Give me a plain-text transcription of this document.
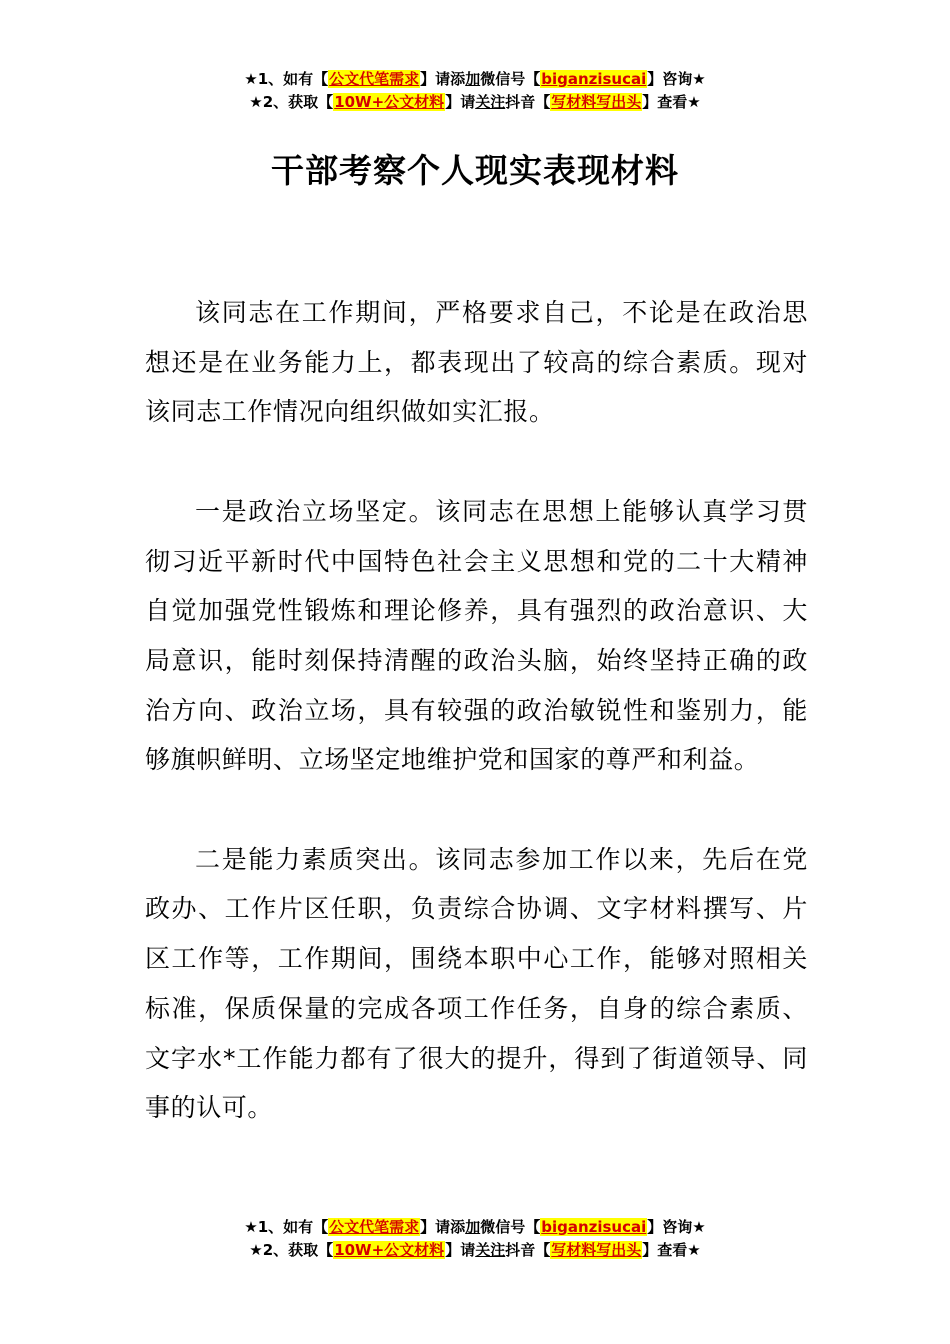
★1、如有【公文代笔需求】请添加微信号【biganzisucai】咨询★
★2、获取【10W+公文材料】请关注抖音【写材料写出头】查看★
干部考察个人现实表现材料

该同志在工作期间，严格要求自己，不论是在政治思想还是在业务能力上，都表现出了较高的综合素质。现对该同志工作情况向组织做如实汇报。

一是政治立场坚定。该同志在思想上能够认真学习贯彻习近平新时代中国特色社会主义思想和党的二十大精神自觉加强党性锻炼和理论修养，具有强烈的政治意识、大局意识，能时刻保持清醒的政治头脑，始终坚持正确的政治方向、政治立场，具有较强的政治敏锐性和鉴别力，能够旗帜鲜明、立场坚定地维护党和国家的尊严和利益。

二是能力素质突出。该同志参加工作以来，先后在党政办、工作片区任职，负责综合协调、文字材料撰写、片区工作等，工作期间，围绕本职中心工作，能够对照相关标准，保质保量的完成各项工作任务，自身的综合素质、文字水*工作能力都有了很大的提升，得到了街道领导、同事的认可。

★1、如有【公文代笔需求】请添加微信号【biganzisucai】咨询★
★2、获取【10W+公文材料】请关注抖音【写材料写出头】查看★
